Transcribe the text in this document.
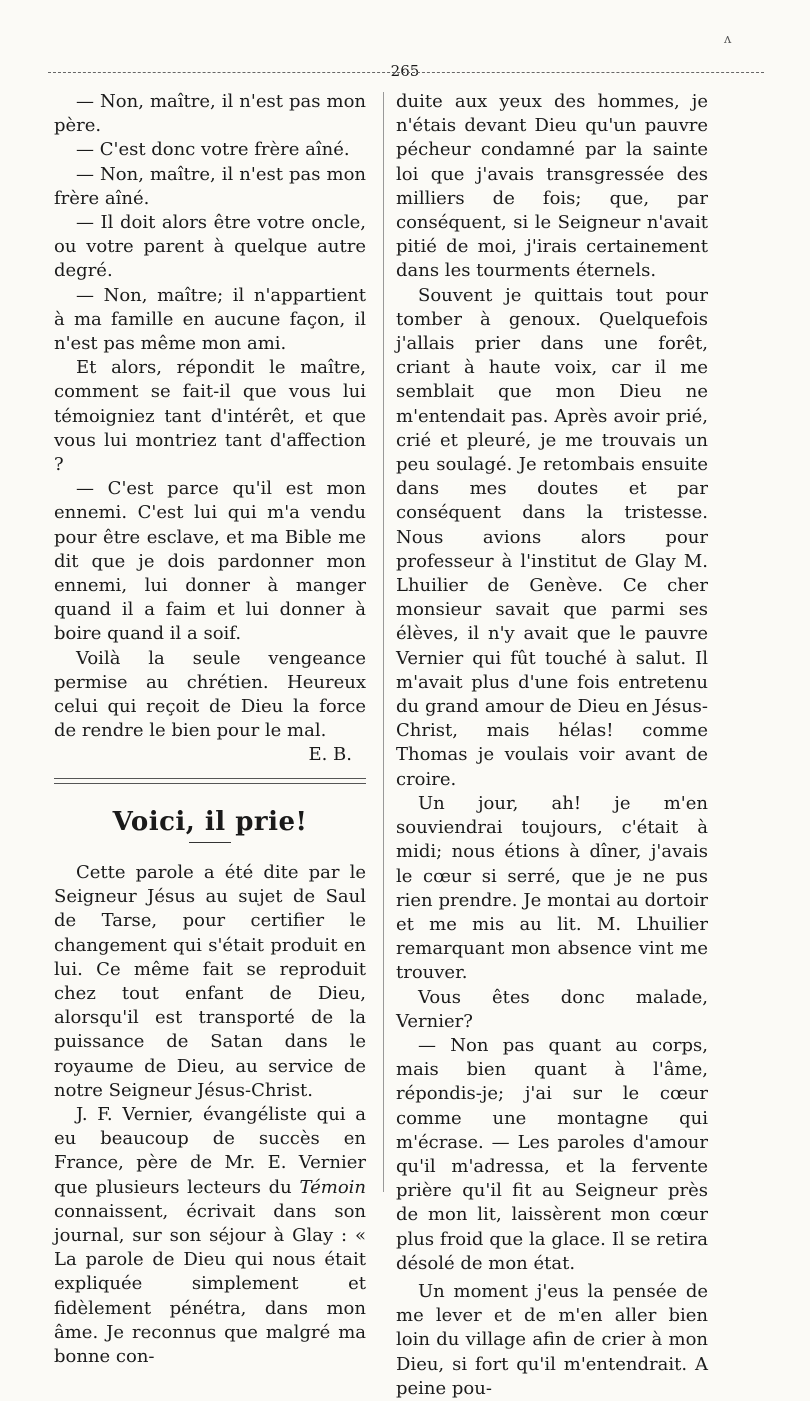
ʌ
265

— Non, maître, il n'est pas mon père.

— C'est donc votre frère aîné.

— Non, maître, il n'est pas mon frère aîné.

— Il doit alors être votre oncle, ou votre parent à quelque autre degré.

— Non, maître; il n'appartient à ma famille en aucune façon, il n'est pas même mon ami.

Et alors, répondit le maître, comment se fait-il que vous lui témoigniez tant d'intérêt, et que vous lui montriez tant d'affection ?

— C'est parce qu'il est mon ennemi. C'est lui qui m'a vendu pour être esclave, et ma Bible me dit que je dois pardonner mon ennemi, lui donner à manger quand il a faim et lui donner à boire quand il a soif.

Voilà la seule vengeance permise au chrétien. Heureux celui qui reçoit de Dieu la force de rendre le bien pour le mal.

E. B.
Voici, il prie!

Cette parole a été dite par le Seigneur Jésus au sujet de Saul de Tarse, pour certifier le changement qui s'était produit en lui. Ce même fait se reproduit chez tout enfant de Dieu, alorsqu'il est transporté de la puissance de Satan dans le royaume de Dieu, au service de notre Seigneur Jésus-Christ.

J. F. Vernier, évangéliste qui a eu beaucoup de succès en France, père de Mr. E. Vernier que plusieurs lecteurs du Témoin connaissent, écrivait dans son journal, sur son séjour à Glay : « La parole de Dieu qui nous était expliquée simplement et fidèlement pénétra, dans mon âme. Je reconnus que malgré ma bonne con-

duite aux yeux des hommes, je n'étais devant Dieu qu'un pauvre pécheur condamné par la sainte loi que j'avais transgressée des milliers de fois; que, par conséquent, si le Seigneur n'avait pitié de moi, j'irais certainement dans les tourments éternels.

Souvent je quittais tout pour tomber à genoux. Quelquefois j'allais prier dans une forêt, criant à haute voix, car il me semblait que mon Dieu ne m'entendait pas. Après avoir prié, crié et pleuré, je me trouvais un peu soulagé. Je retombais ensuite dans mes doutes et par conséquent dans la tristesse. Nous avions alors pour professeur à l'institut de Glay M. Lhuilier de Genève. Ce cher monsieur savait que parmi ses élèves, il n'y avait que le pauvre Vernier qui fût touché à salut. Il m'avait plus d'une fois entretenu du grand amour de Dieu en Jésus-Christ, mais hélas! comme Thomas je voulais voir avant de croire.

Un jour, ah! je m'en souviendrai toujours, c'était à midi; nous étions à dîner, j'avais le cœur si serré, que je ne pus rien prendre. Je montai au dortoir et me mis au lit. M. Lhuilier remarquant mon absence vint me trouver.

Vous êtes donc malade, Vernier?

— Non pas quant au corps, mais bien quant à l'âme, répondis-je; j'ai sur le cœur comme une montagne qui m'écrase. — Les paroles d'amour qu'il m'adressa, et la fervente prière qu'il fit au Seigneur près de mon lit, laissèrent mon cœur plus froid que la glace. Il se retira désolé de mon état.

Un moment j'eus la pensée de me lever et de m'en aller bien loin du village afin de crier à mon Dieu, si fort qu'il m'entendrait. A peine pou-
